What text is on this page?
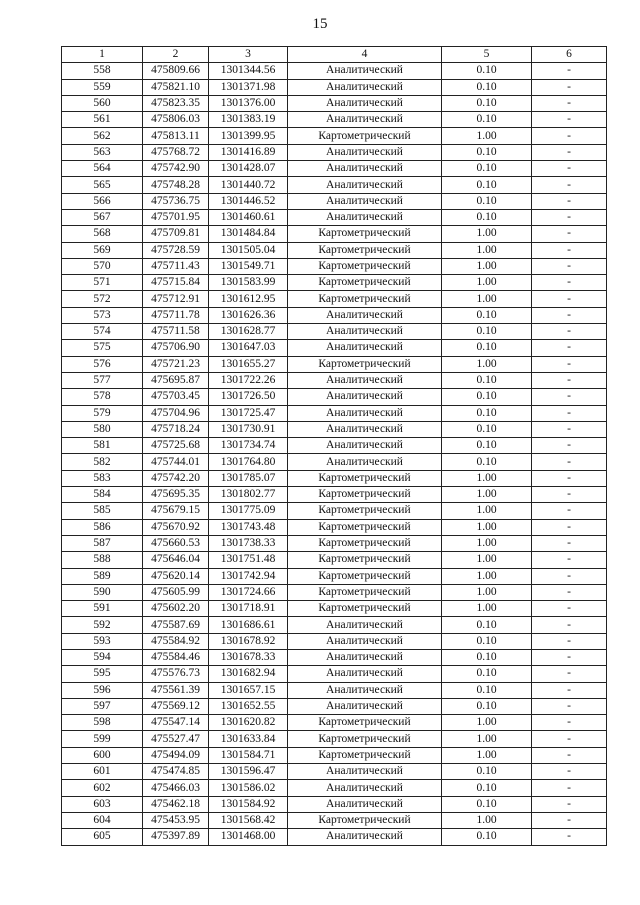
15
1	2	3	4	5	6
558	475809.66	1301344.56	Аналитический	0.10	-
559	475821.10	1301371.98	Аналитический	0.10	-
560	475823.35	1301376.00	Аналитический	0.10	-
561	475806.03	1301383.19	Аналитический	0.10	-
562	475813.11	1301399.95	Картометрический	1.00	-
563	475768.72	1301416.89	Аналитический	0.10	-
564	475742.90	1301428.07	Аналитический	0.10	-
565	475748.28	1301440.72	Аналитический	0.10	-
566	475736.75	1301446.52	Аналитический	0.10	-
567	475701.95	1301460.61	Аналитический	0.10	-
568	475709.81	1301484.84	Картометрический	1.00	-
569	475728.59	1301505.04	Картометрический	1.00	-
570	475711.43	1301549.71	Картометрический	1.00	-
571	475715.84	1301583.99	Картометрический	1.00	-
572	475712.91	1301612.95	Картометрический	1.00	-
573	475711.78	1301626.36	Аналитический	0.10	-
574	475711.58	1301628.77	Аналитический	0.10	-
575	475706.90	1301647.03	Аналитический	0.10	-
576	475721.23	1301655.27	Картометрический	1.00	-
577	475695.87	1301722.26	Аналитический	0.10	-
578	475703.45	1301726.50	Аналитический	0.10	-
579	475704.96	1301725.47	Аналитический	0.10	-
580	475718.24	1301730.91	Аналитический	0.10	-
581	475725.68	1301734.74	Аналитический	0.10	-
582	475744.01	1301764.80	Аналитический	0.10	-
583	475742.20	1301785.07	Картометрический	1.00	-
584	475695.35	1301802.77	Картометрический	1.00	-
585	475679.15	1301775.09	Картометрический	1.00	-
586	475670.92	1301743.48	Картометрический	1.00	-
587	475660.53	1301738.33	Картометрический	1.00	-
588	475646.04	1301751.48	Картометрический	1.00	-
589	475620.14	1301742.94	Картометрический	1.00	-
590	475605.99	1301724.66	Картометрический	1.00	-
591	475602.20	1301718.91	Картометрический	1.00	-
592	475587.69	1301686.61	Аналитический	0.10	-
593	475584.92	1301678.92	Аналитический	0.10	-
594	475584.46	1301678.33	Аналитический	0.10	-
595	475576.73	1301682.94	Аналитический	0.10	-
596	475561.39	1301657.15	Аналитический	0.10	-
597	475569.12	1301652.55	Аналитический	0.10	-
598	475547.14	1301620.82	Картометрический	1.00	-
599	475527.47	1301633.84	Картометрический	1.00	-
600	475494.09	1301584.71	Картометрический	1.00	-
601	475474.85	1301596.47	Аналитический	0.10	-
602	475466.03	1301586.02	Аналитический	0.10	-
603	475462.18	1301584.92	Аналитический	0.10	-
604	475453.95	1301568.42	Картометрический	1.00	-
605	475397.89	1301468.00	Аналитический	0.10	-
